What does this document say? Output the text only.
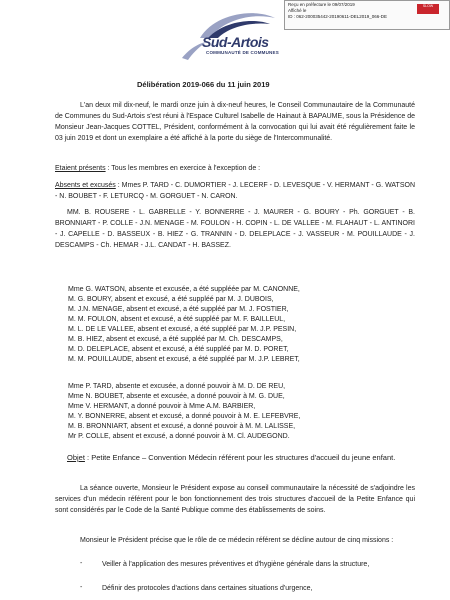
Reçu en préfecture le 09/07/2019
Affiché le
ID : 062-200035442-20190611-DEL2019_066-DE
SLOW
Sud-Artois
COMMUNAUTÉ DE COMMUNES
Délibération 2019-066 du 11 juin 2019
L'an deux mil dix-neuf, le mardi onze juin à dix-neuf heures, le Conseil Communautaire de la Communauté de Communes du Sud-Artois s'est réuni à l'Espace Culturel Isabelle de Hainaut à BAPAUME, sous la Présidence de Monsieur Jean-Jacques COTTEL, Président, conformément à la convocation qui lui avait été régulièrement faite le 03 juin 2019 et dont un exemplaire a été affiché à la porte du siège de l'Intercommunalité.
Etaient présents : Tous les membres en exercice à l'exception de :
Absents et excusés : Mmes P. TARD - C. DUMORTIER - J. LECERF - D. LEVESQUE - V. HERMANT - G. WATSON - N. BOUBET - F. LETURCQ - M. GORGUET - N. CARON.
MM. B. ROUSERE - L. GABRELLE - Y. BONNERRE - J. MAURER - G. BOURY - Ph. GORGUET - B. BRONNIART - P. COLLE - J.N. MENAGE - M. FOULON - H. COPIN - L. DE VALLEE - M. FLAHAUT - L. ANTINORI - J. CAPELLE - D. BASSEUX - B. HIEZ - G. TRANNIN - D. DELEPLACE - J. VASSEUR - M. POUILLAUDE - J. DESCAMPS - Ch. HEMAR - J.L. CANDAT - H. BASSEZ.
Mme G. WATSON, absente et excusée, a été suppléée par M. CANONNE,
M. G. BOURY, absent et excusé, a été suppléé par M. J. DUBOIS,
M. J.N. MENAGE, absent et excusé, a été suppléé par M. J. FOSTIER,
M. M. FOULON, absent et excusé, a été suppléé par M. F. BAILLEUL,
M. L. DE LE VALLEE, absent et excusé, a été suppléé par M. J.P. PESIN,
M. B. HIEZ, absent et excusé, a été suppléé par M. Ch. DESCAMPS,
M. D. DELEPLACE, absent et excusé, a été suppléé par M. D. PORET,
M. M. POUILLAUDE, absent et excusé, a été suppléé par M. J.P. LEBRET,
Mme P. TARD, absente et excusée, a donné pouvoir à M. D. DE REU,
Mme N. BOUBET, absente et excusée, a donné pouvoir à M. G. DUE,
Mme V. HERMANT, a donné pouvoir à Mme A.M. BARBIER,
M. Y. BONNERRE, absent et excusé, a donné pouvoir à M. E. LEFEBVRE,
M. B. BRONNIART, absent et excusé, a donné pouvoir à M. M. LALISSE,
Mr P. COLLE, absent et excusé, a donné pouvoir à M. Cl. AUDEGOND.
Objet : Petite Enfance – Convention Médecin référent pour les structures d'accueil du jeune enfant.
La séance ouverte, Monsieur le Président expose au conseil communautaire la nécessité de s'adjoindre les services d'un médecin référent pour le bon fonctionnement des trois structures d'accueil de la Petite Enfance qui sont considérés par le Code de la Santé Publique comme des établissements de soins.
Monsieur le Président précise que le rôle de ce médecin référent se décline autour de cinq missions :
-	Veiller à l'application des mesures préventives et d'hygiène générale dans la structure,
-	Définir des protocoles d'actions dans certaines situations d'urgence,
